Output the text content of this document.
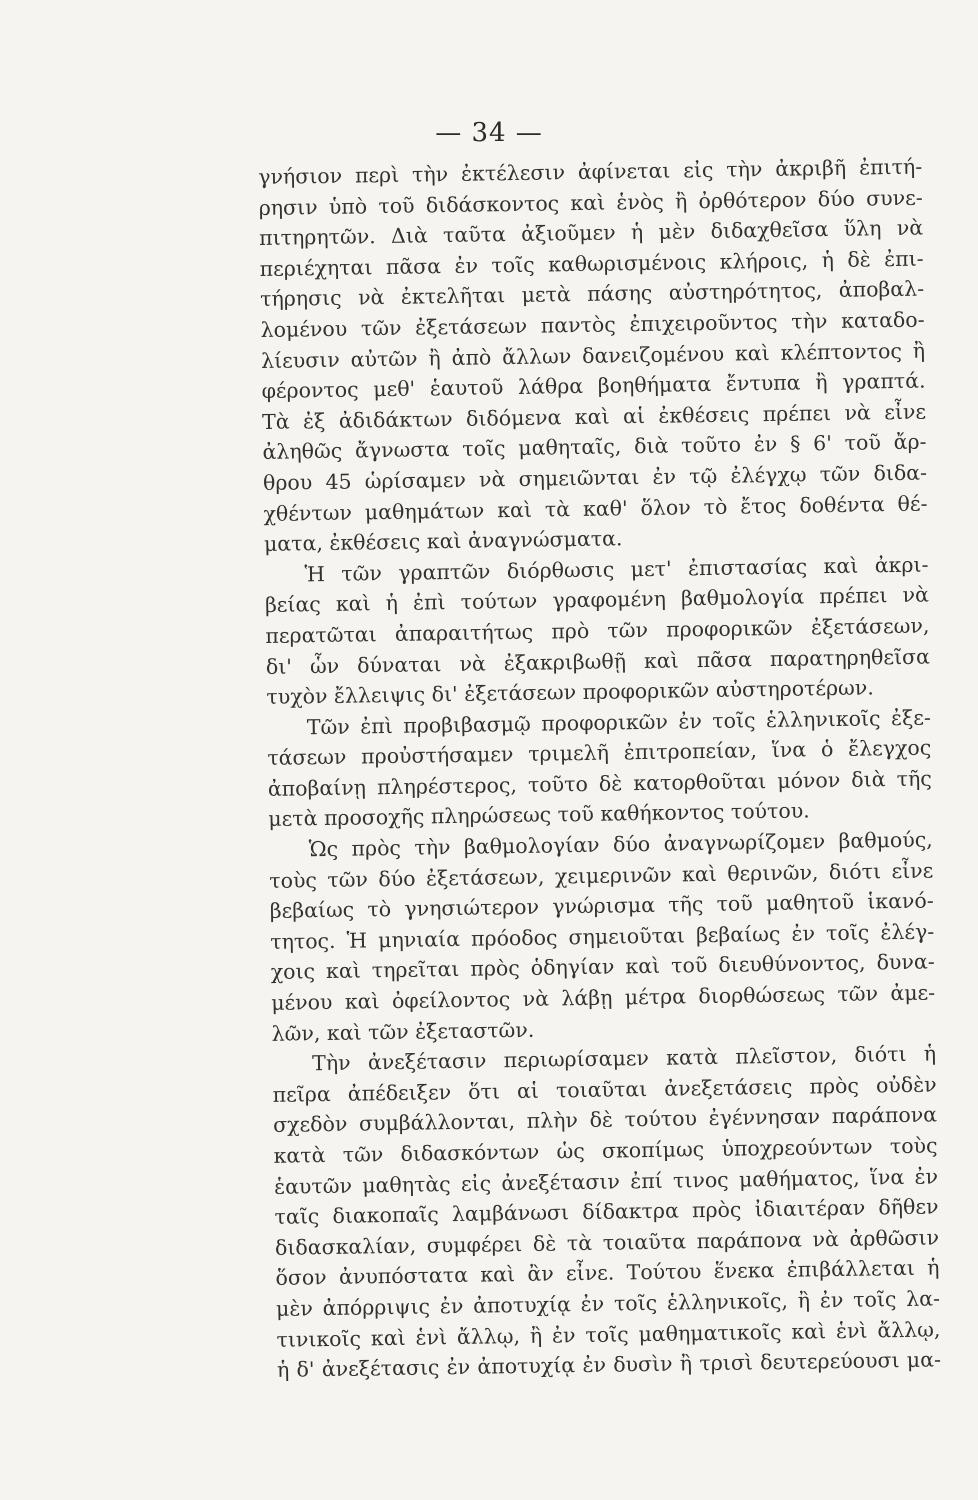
— 34 —
γνήσιον περὶ τὴν ἐκτέλεσιν ἀφίνεται εἰς τὴν ἀκριβῆ ἐπιτή-
ρησιν ὑπὸ τοῦ διδάσκοντος καὶ ἑνὸς ἢ ὀρθότερον δύο συνε-
πιτηρητῶν. Διὰ ταῦτα ἀξιοῦμεν ἡ μὲν διδαχθεῖσα ὕλη νὰ
περιέχηται πᾶσα ἐν τοῖς καθωρισμένοις κλήροις, ἡ δὲ ἐπι-
τήρησις νὰ ἐκτελῆται μετὰ πάσης αὐστηρότητος, ἀποβαλ-
λομένου τῶν ἐξετάσεων παντὸς ἐπιχειροῦντος τὴν καταδο-
λίευσιν αὐτῶν ἢ ἀπὸ ἄλλων δανειζομένου καὶ κλέπτοντος ἢ
φέροντος μεθ' ἑαυτοῦ λάθρα βοηθήματα ἔντυπα ἢ γραπτά.
Τὰ ἐξ ἀδιδάκτων διδόμενα καὶ αἱ ἐκθέσεις πρέπει νὰ εἶνε
ἀληθῶς ἄγνωστα τοῖς μαθηταῖς, διὰ τοῦτο ἐν § 6' τοῦ ἄρ-
θρου 45 ὡρίσαμεν νὰ σημειῶνται ἐν τῷ ἐλέγχῳ τῶν διδα-
χθέντων μαθημάτων καὶ τὰ καθ' ὅλον τὸ ἔτος δοθέντα θέ-
ματα, ἐκθέσεις καὶ ἀναγνώσματα.
Ἡ τῶν γραπτῶν διόρθωσις μετ' ἐπιστασίας καὶ ἀκρι-
βείας καὶ ἡ ἐπὶ τούτων γραφομένη βαθμολογία πρέπει νὰ
περατῶται ἀπαραιτήτως πρὸ τῶν προφορικῶν ἐξετάσεων,
δι' ὧν δύναται νὰ ἐξακριβωθῇ καὶ πᾶσα παρατηρηθεῖσα
τυχὸν ἔλλειψις δι' ἐξετάσεων προφορικῶν αὐστηροτέρων.
Τῶν ἐπὶ προβιβασμῷ προφορικῶν ἐν τοῖς ἑλληνικοῖς ἐξε-
τάσεων προὐστήσαμεν τριμελῆ ἐπιτροπείαν, ἵνα ὁ ἔλεγχος
ἀποβαίνῃ πληρέστερος, τοῦτο δὲ κατορθοῦται μόνον διὰ τῆς
μετὰ προσοχῆς πληρώσεως τοῦ καθήκοντος τούτου.
Ὡς πρὸς τὴν βαθμολογίαν δύο ἀναγνωρίζομεν βαθμούς,
τοὺς τῶν δύο ἐξετάσεων, χειμερινῶν καὶ θερινῶν, διότι εἶνε
βεβαίως τὸ γνησιώτερον γνώρισμα τῆς τοῦ μαθητοῦ ἱκανό-
τητος. Ἡ μηνιαία πρόοδος σημειοῦται βεβαίως ἐν τοῖς ἐλέγ-
χοις καὶ τηρεῖται πρὸς ὁδηγίαν καὶ τοῦ διευθύνοντος, δυνα-
μένου καὶ ὀφείλοντος νὰ λάβῃ μέτρα διορθώσεως τῶν ἀμε-
λῶν, καὶ τῶν ἐξεταστῶν.
Τὴν ἀνεξέτασιν περιωρίσαμεν κατὰ πλεῖστον, διότι ἡ
πεῖρα ἀπέδειξεν ὅτι αἱ τοιαῦται ἀνεξετάσεις πρὸς οὐδὲν
σχεδὸν συμβάλλονται, πλὴν δὲ τούτου ἐγέννησαν παράπονα
κατὰ τῶν διδασκόντων ὡς σκοπίμως ὑποχρεούντων τοὺς
ἑαυτῶν μαθητὰς εἰς ἀνεξέτασιν ἐπί τινος μαθήματος, ἵνα ἐν
ταῖς διακοπαῖς λαμβάνωσι δίδακτρα πρὸς ἰδιαιτέραν δῆθεν
διδασκαλίαν, συμφέρει δὲ τὰ τοιαῦτα παράπονα νὰ ἀρθῶσιν
ὅσον ἀνυπόστατα καὶ ἂν εἶνε. Τούτου ἕνεκα ἐπιβάλλεται ἡ
μὲν ἀπόρριψις ἐν ἀποτυχίᾳ ἐν τοῖς ἑλληνικοῖς, ἢ ἐν τοῖς λα-
τινικοῖς καὶ ἑνὶ ἄλλῳ, ἢ ἐν τοῖς μαθηματικοῖς καὶ ἑνὶ ἄλλῳ,
ἡ δ' ἀνεξέτασις ἐν ἀποτυχίᾳ ἐν δυσὶν ἢ τρισὶ δευτερεύουσι μα-
